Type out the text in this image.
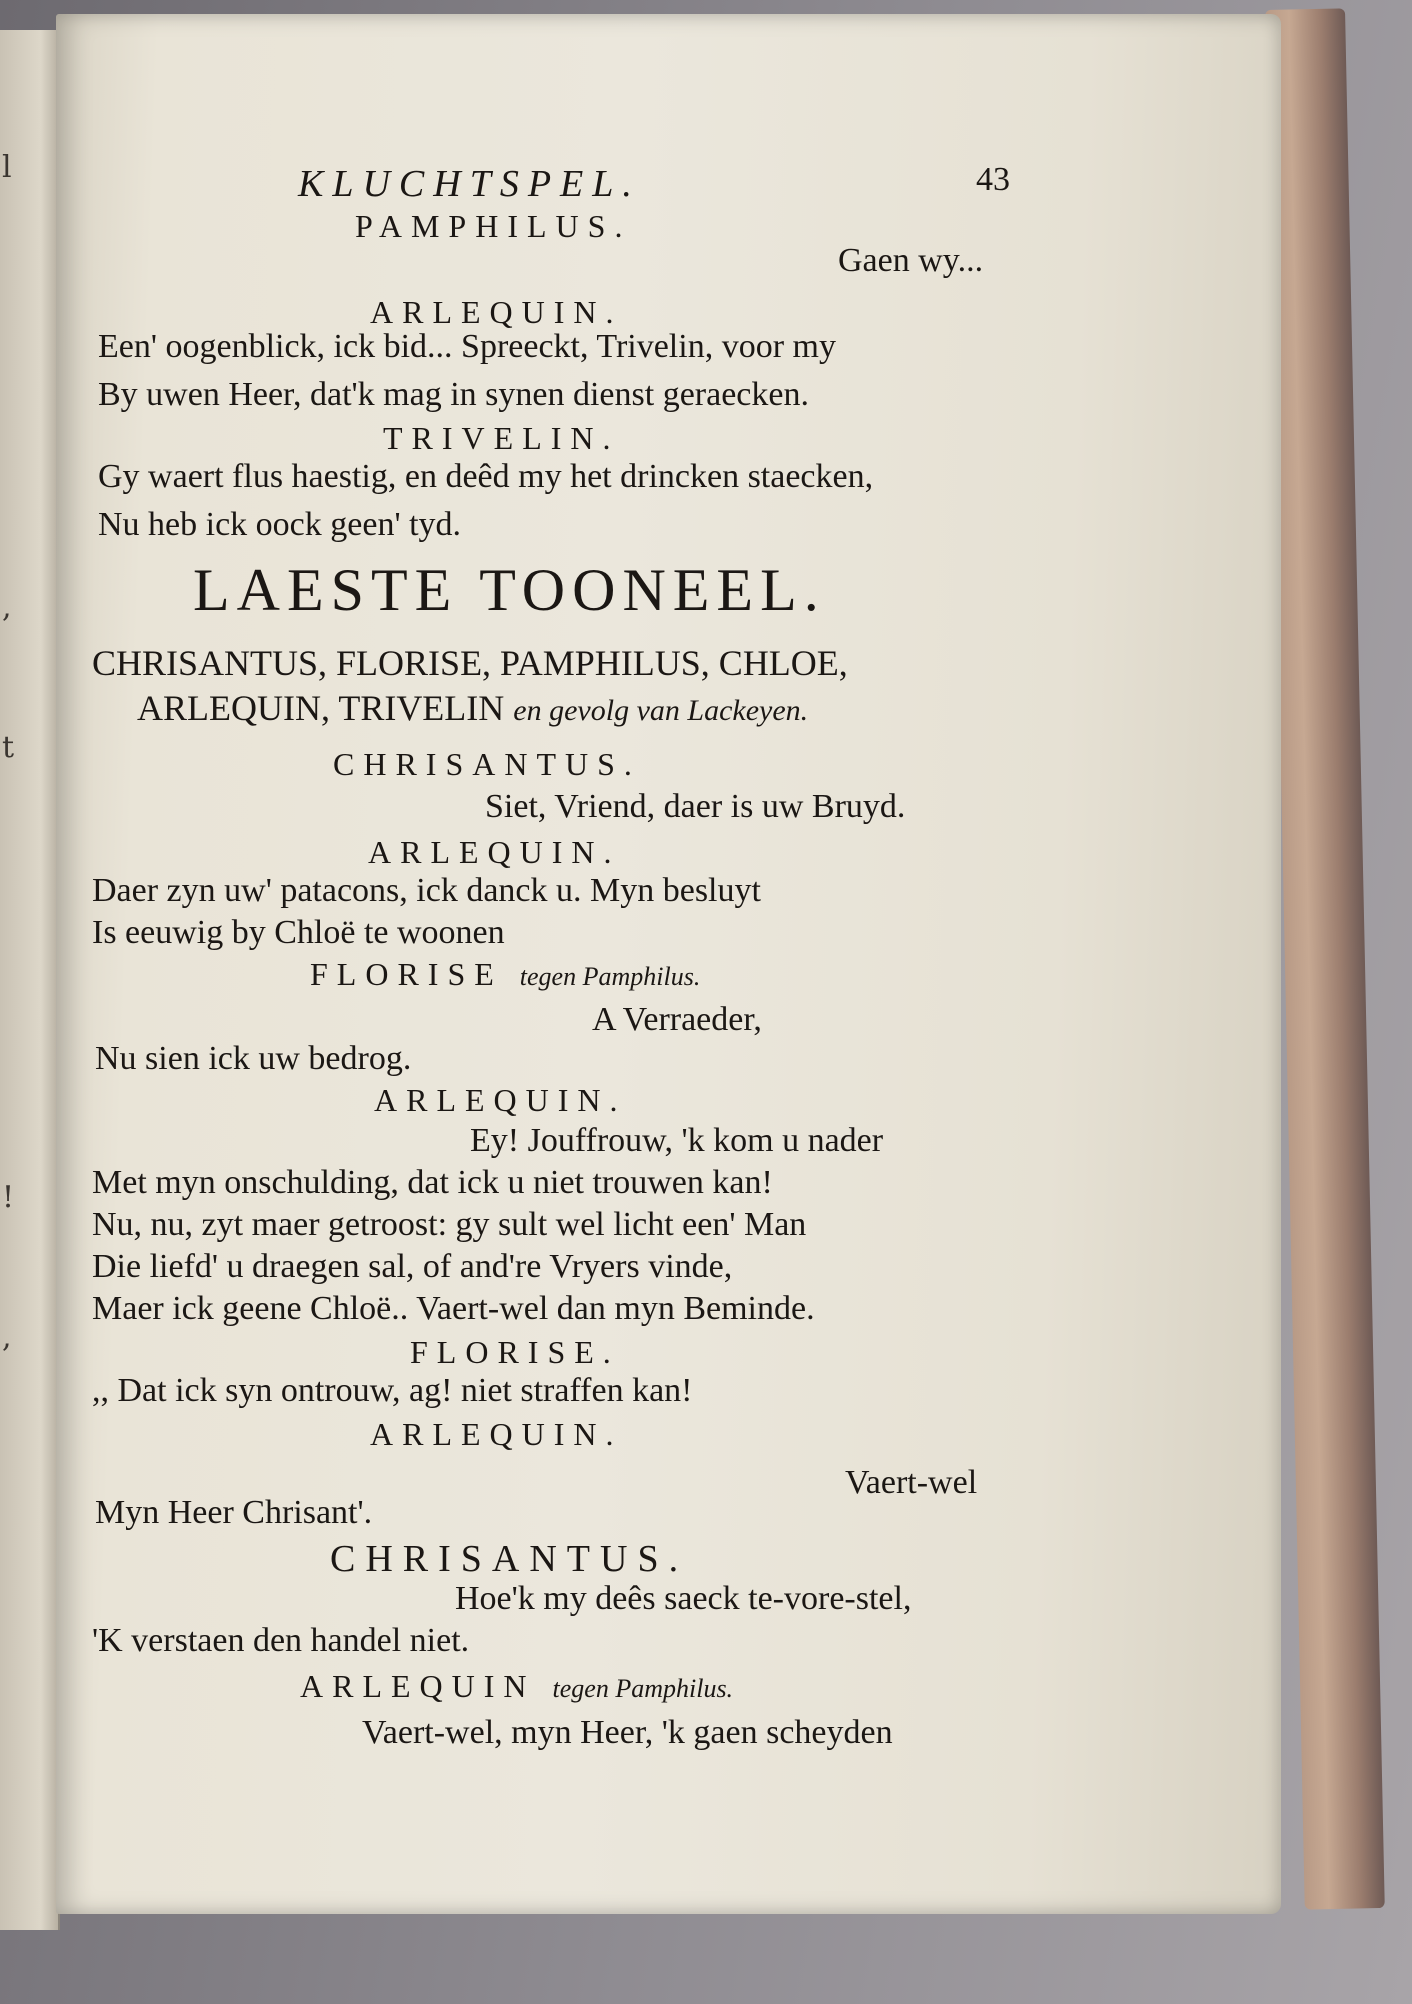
l
,
t
!
,
KLUCHTSPEL.	43
PAMPHILUS.
Gaen wy...
ARLEQUIN.
Een' oogenblick, ick bid... Spreeckt, Trivelin, voor my
By uwen Heer, dat'k mag in synen dienst geraecken.
TRIVELIN.
Gy waert flus haestig, en deêd my het drincken staecken,
Nu heb ick oock geen' tyd.
LAESTE TOONEEL.
CHRISANTUS, FLORISE, PAMPHILUS, CHLOE,
ARLEQUIN, TRIVELIN en gevolg van Lackeyen.
CHRISANTUS.
Siet, Vriend, daer is uw Bruyd.
ARLEQUIN.
Daer zyn uw' patacons, ick danck u. Myn besluyt
Is eeuwig by Chloë te woonen
FLORISE tegen Pamphilus.
A Verraeder,
Nu sien ick uw bedrog.
ARLEQUIN.
Ey! Jouffrouw, 'k kom u nader
Met myn onschulding, dat ick u niet trouwen kan!
Nu, nu, zyt maer getroost: gy sult wel licht een' Man
Die liefd' u draegen sal, of and're Vryers vinde,
Maer ick geene Chloë.. Vaert-wel dan myn Beminde.
FLORISE.
,, Dat ick syn ontrouw, ag! niet straffen kan!
ARLEQUIN.
Vaert-wel
Myn Heer Chrisant'.
CHRISANTUS.
Hoe'k my deês saeck te-vore-stel,
'K verstaen den handel niet.
ARLEQUIN tegen Pamphilus.
Vaert-wel, myn Heer, 'k gaen scheyden
